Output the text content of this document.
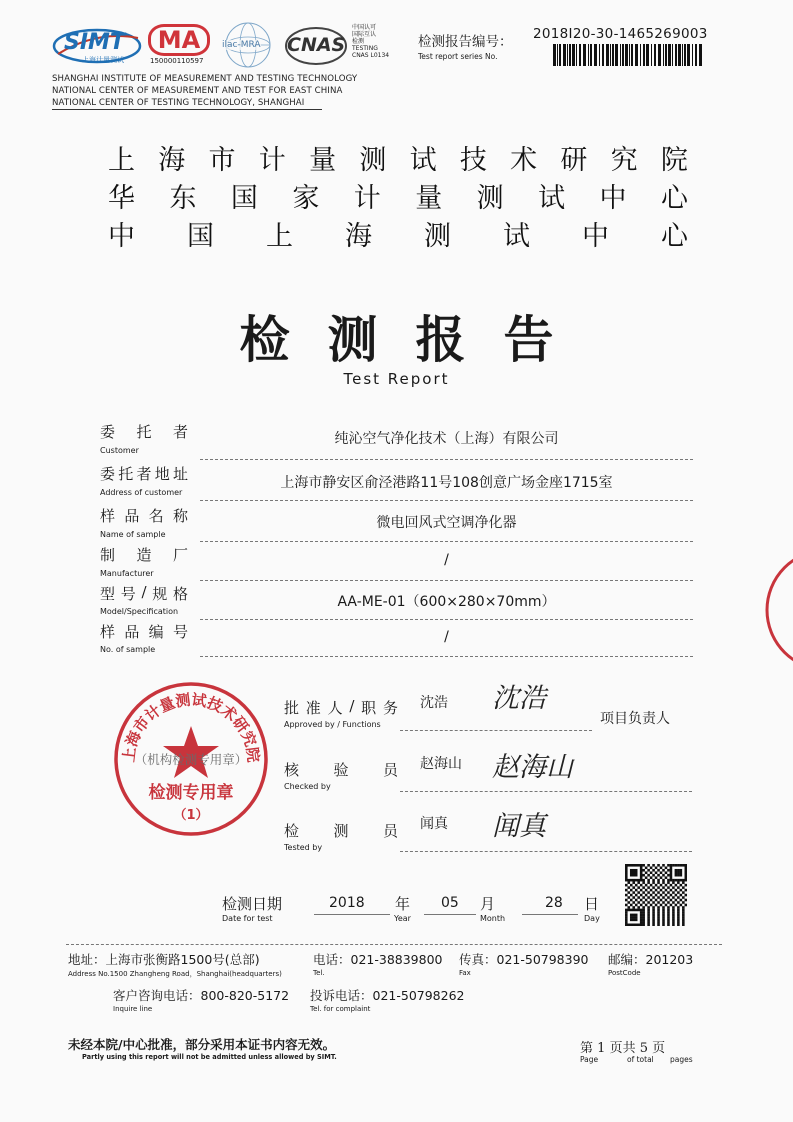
SIMT
上海计量测试
MA
150000110597
ilac-MRA CNAS
中国认可
国际互认
检测
TESTING
CNAS L0134
检测报告编号： 2018I20-30-1465269003
Test report series No.
SHANGHAI INSTITUTE OF MEASUREMENT AND TESTING TECHNOLOGY
NATIONAL CENTER OF MEASUREMENT AND TEST FOR EAST CHINA
NATIONAL CENTER OF TESTING TECHNOLOGY, SHANGHAI
上 海 市 计 量 测 试 技 术 研 究 院
华 东 国 家 计 量 测 试 中 心
中 国 上 海 测 试 中 心
检测报告
Test Report
委 托 者
Customer
纯沁空气净化技术（上海）有限公司
委 托 者 地 址
Address of customer
上海市静安区俞泾港路11号108创意广场金座1715室
样 品 名 称
Name of sample
微电回风式空调净化器
制 造 厂
Manufacturer
/
型 号 / 规 格
Model/Specification
AA-ME-01（600×280×70mm）
样 品 编 号
No. of sample
/
上海市计量测试技术研究院
（机构检测专用章）
检测专用章
（1）
批 准 人 / 职 务
Approved by / Functions
沈浩 沈浩
项目负责人
核 验 员
Checked by
赵海山 赵海山
检 测 员
Tested by
闻真 闻真
检测日期
Date for test
2018 年
Year
05 月
Month
28 日
Day
地址：上海市张衡路1500号(总部)
Address No.1500 Zhangheng Road，Shanghai(headquarters)
电话：021-38839800
Tel.
传真：021-50798390
Fax
邮编：201203
PostCode
客户咨询电话：800-820-5172
Inquire line
投诉电话：021-50798262
Tel. for complaint
未经本院/中心批准，部分采用本证书内容无效。
Partly using this report will not be admitted unless allowed by SIMT.
第 1 页共 5 页
Page	of total pages
